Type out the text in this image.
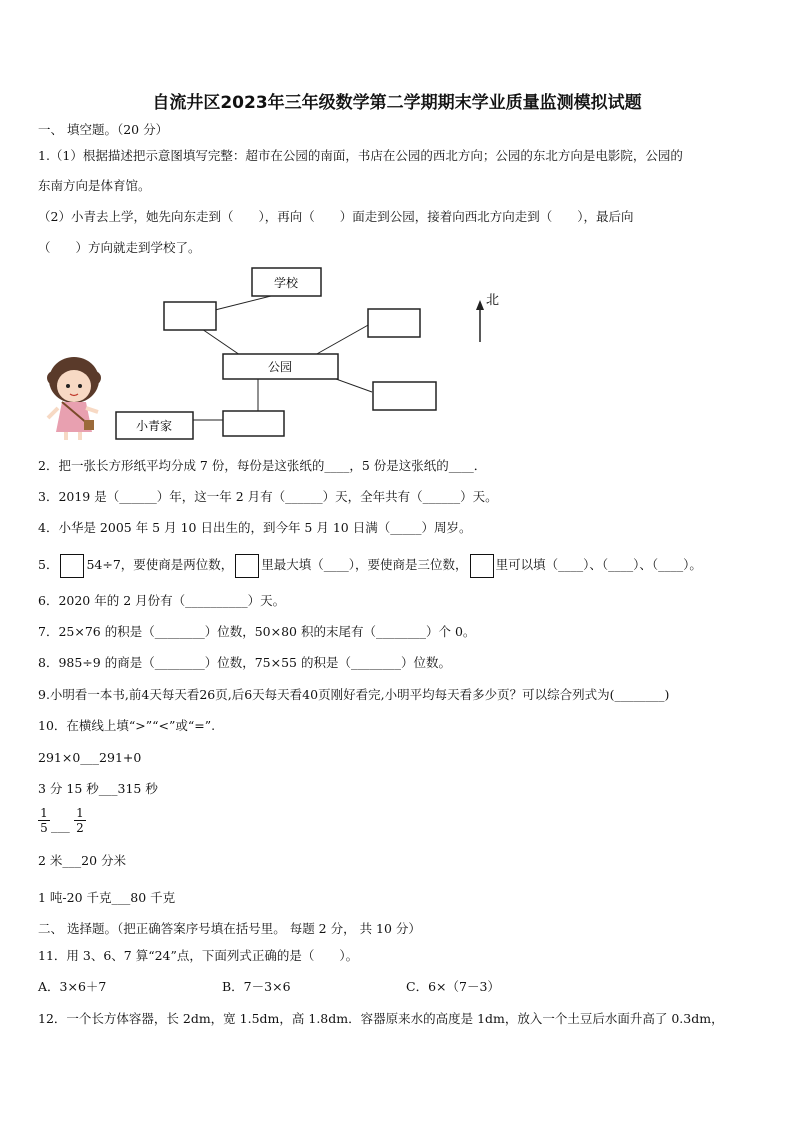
自流井区2023年三年级数学第二学期期末学业质量监测模拟试题
一、 填空题。（20 分）
1.（1）根据描述把示意图填写完整：超市在公园的南面，书店在公园的西北方向；公园的东北方向是电影院，公园的
东南方向是体育馆。
（2）小青去上学，她先向东走到（　　），再向（　　）面走到公园，接着向西北方向走到（　　），最后向
（　　）方向就走到学校了。
学校
公园
小青家
北
2．把一张长方形纸平均分成 7 份，每份是这张纸的____，5 份是这张纸的____．
3．2019 是（______）年，这一年 2 月有（______）天，全年共有（______）天。
4．小华是 2005 年 5 月 10 日出生的，到今年 5 月 10 日满（_____）周岁。
5． 54÷7，要使商是两位数， 里最大填（____），要使商是三位数， 里可以填（____）、（____）、（____）。
6．2020 年的 2 月份有（__________）天。
7．25×76 的积是（________）位数，50×80 积的末尾有（________）个 0。
8．985÷9 的商是（________）位数，75×55 的积是（________）位数。
9.小明看一本书,前4天每天看26页,后6天每天看40页刚好看完,小明平均每天看多少页？可以综合列式为(________)
10．在横线上填“>”“<”或“=”.
291×0___291+0
3 分 15 秒___315 秒
1
5 ___
1
2
2 米___20 分米
1 吨-20 千克___80 千克
二、 选择题。（把正确答案序号填在括号里。 每题 2 分， 共 10 分）
11．用 3、6、7 算“24”点，下面列式正确的是（　　）。
A．3×6＋7	B．7－3×6	C．6×（7－3）
12．一个长方体容器，长 2dm，宽 1.5dm，高 1.8dm．容器原来水的高度是 1dm，放入一个土豆后水面升高了 0.3dm，
